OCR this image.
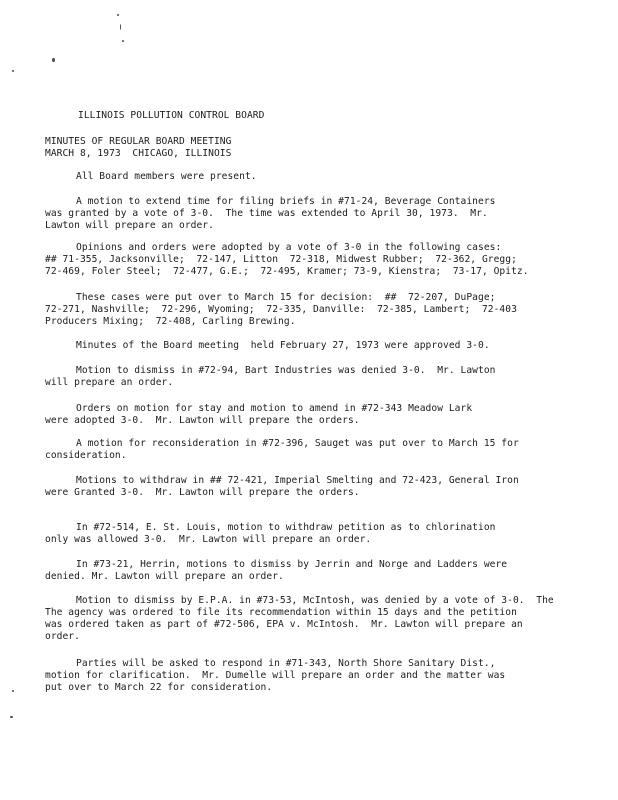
ILLINOIS POLLUTION CONTROL BOARD
MINUTES OF REGULAR BOARD MEETING
MARCH 8, 1973  CHICAGO, ILLINOIS
All Board members were present.
A motion to extend time for filing briefs in #71-24, Beverage Containers
was granted by a vote of 3-0.  The time was extended to April 30, 1973.  Mr.
Lawton will prepare an order.
Opinions and orders were adopted by a vote of 3-0 in the following cases:
## 71-355, Jacksonville;  72-147, Litton  72-318, Midwest Rubber;  72-362, Gregg;
72-469, Foler Steel;  72-477, G.E.;  72-495, Kramer; 73-9, Kienstra;  73-17, Opitz.
These cases were put over to March 15 for decision:  ##  72-207, DuPage;
72-271, Nashville;  72-296, Wyoming;  72-335, Danville:  72-385, Lambert;  72-403
Producers Mixing;  72-408, Carling Brewing.
Minutes of the Board meeting  held February 27, 1973 were approved 3-0.
Motion to dismiss in #72-94, Bart Industries was denied 3-0.  Mr. Lawton
will prepare an order.
Orders on motion for stay and motion to amend in #72-343 Meadow Lark
were adopted 3-0.  Mr. Lawton will prepare the orders.
A motion for reconsideration in #72-396, Sauget was put over to March 15 for
consideration.
Motions to withdraw in ## 72-421, Imperial Smelting and 72-423, General Iron
were Granted 3-0.  Mr. Lawton will prepare the orders.
In #72-514, E. St. Louis, motion to withdraw petition as to chlorination
only was allowed 3-0.  Mr. Lawton will prepare an order.
In #73-21, Herrin, motions to dismiss by Jerrin and Norge and Ladders were
denied. Mr. Lawton will prepare an order.
Motion to dismiss by E.P.A. in #73-53, McIntosh, was denied by a vote of 3-0.  The
The agency was ordered to file its recommendation within 15 days and the petition
was ordered taken as part of #72-506, EPA v. McIntosh.  Mr. Lawton will prepare an
order.
Parties will be asked to respond in #71-343, North Shore Sanitary Dist.,
motion for clarification.  Mr. Dumelle will prepare an order and the matter was
put over to March 22 for consideration.
